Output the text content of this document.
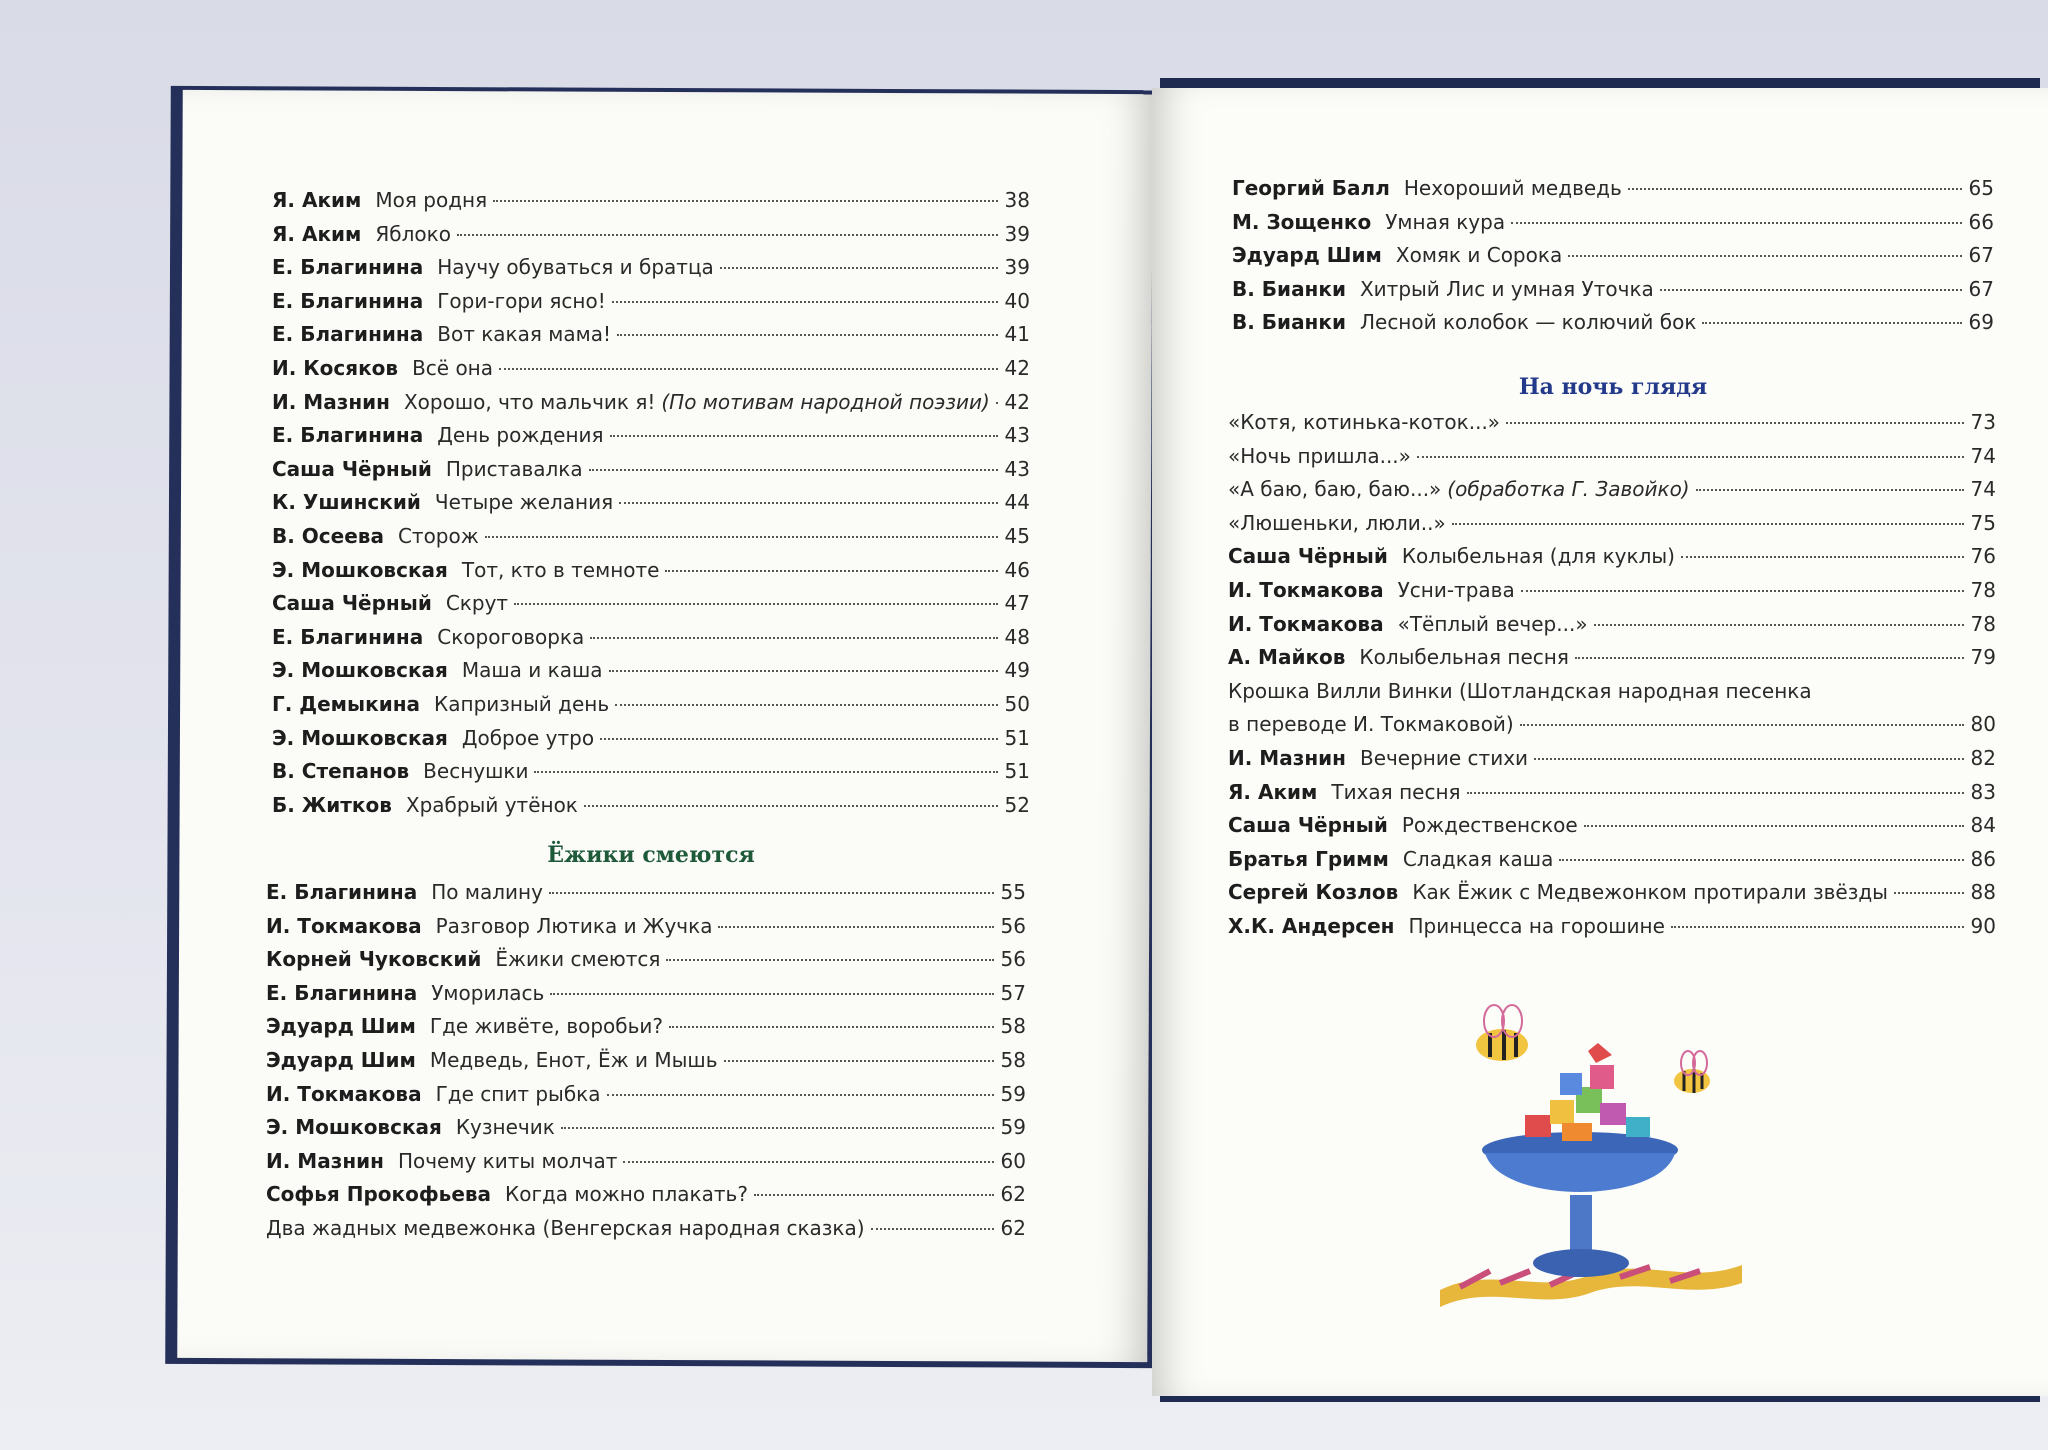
Я. Аким Моя родня	38
Я. Аким Яблоко	39
Е. Благинина Научу обуваться и братца	39
Е. Благинина Гори-гори ясно!	40
Е. Благинина Вот какая мама!	41
И. Косяков Всё она	42
И. Мазнин Хорошо, что мальчик я! (По мотивам народной поэзии) 42
Е. Благинина День рождения	43
Саша Чёрный Приставалка	43
К. Ушинский Четыре желания	44
В. Осеева Сторож	45
Э. Мошковская Тот, кто в темноте	46
Саша Чёрный Скрут	47
Е. Благинина Скороговорка	48
Э. Мошковская Маша и каша	49
Г. Демыкина Капризный день	50
Э. Мошковская Доброе утро	51
В. Степанов Веснушки	51
Б. Житков Храбрый утёнок	52
Ёжики смеются
Е. Благинина По малину	55
И. Токмакова Разговор Лютика и Жучка	56
Корней Чуковский Ёжики смеются	56
Е. Благинина Уморилась	57
Эдуард Шим Где живёте, воробьи?	58
Эдуард Шим Медведь, Енот, Ёж и Мышь	58
И. Токмакова Где спит рыбка	59
Э. Мошковская Кузнечик	59
И. Мазнин Почему киты молчат	60
Софья Прокофьева Когда можно плакать?	62
Два жадных медвежонка (Венгерская народная сказка)	62
Георгий Балл Нехороший медведь	65
М. Зощенко Умная кура	66
Эдуард Шим Хомяк и Сорока	67
В. Бианки Хитрый Лис и умная Уточка	67
В. Бианки Лесной колобок — колючий бок	69
На ночь глядя
«Котя, котинька-коток...»	73
«Ночь пришла...»	74
«А баю, баю, баю...» (обработка Г. Завойко)	74
«Люшеньки, люли..»	75
Саша Чёрный Колыбельная (для куклы)	76
И. Токмакова Усни-трава	78
И. Токмакова «Тёплый вечер...»	78
А. Майков Колыбельная песня	79
Крошка Вилли Винки (Шотландская народная песенка
в переводе И. Токмаковой)	80
И. Мазнин Вечерние стихи	82
Я. Аким Тихая песня	83
Саша Чёрный Рождественское	84
Братья Гримм Сладкая каша	86
Сергей Козлов Как Ёжик с Медвежонком протирали звёзды	88
Х.К. Андерсен Принцесса на горошине	90
